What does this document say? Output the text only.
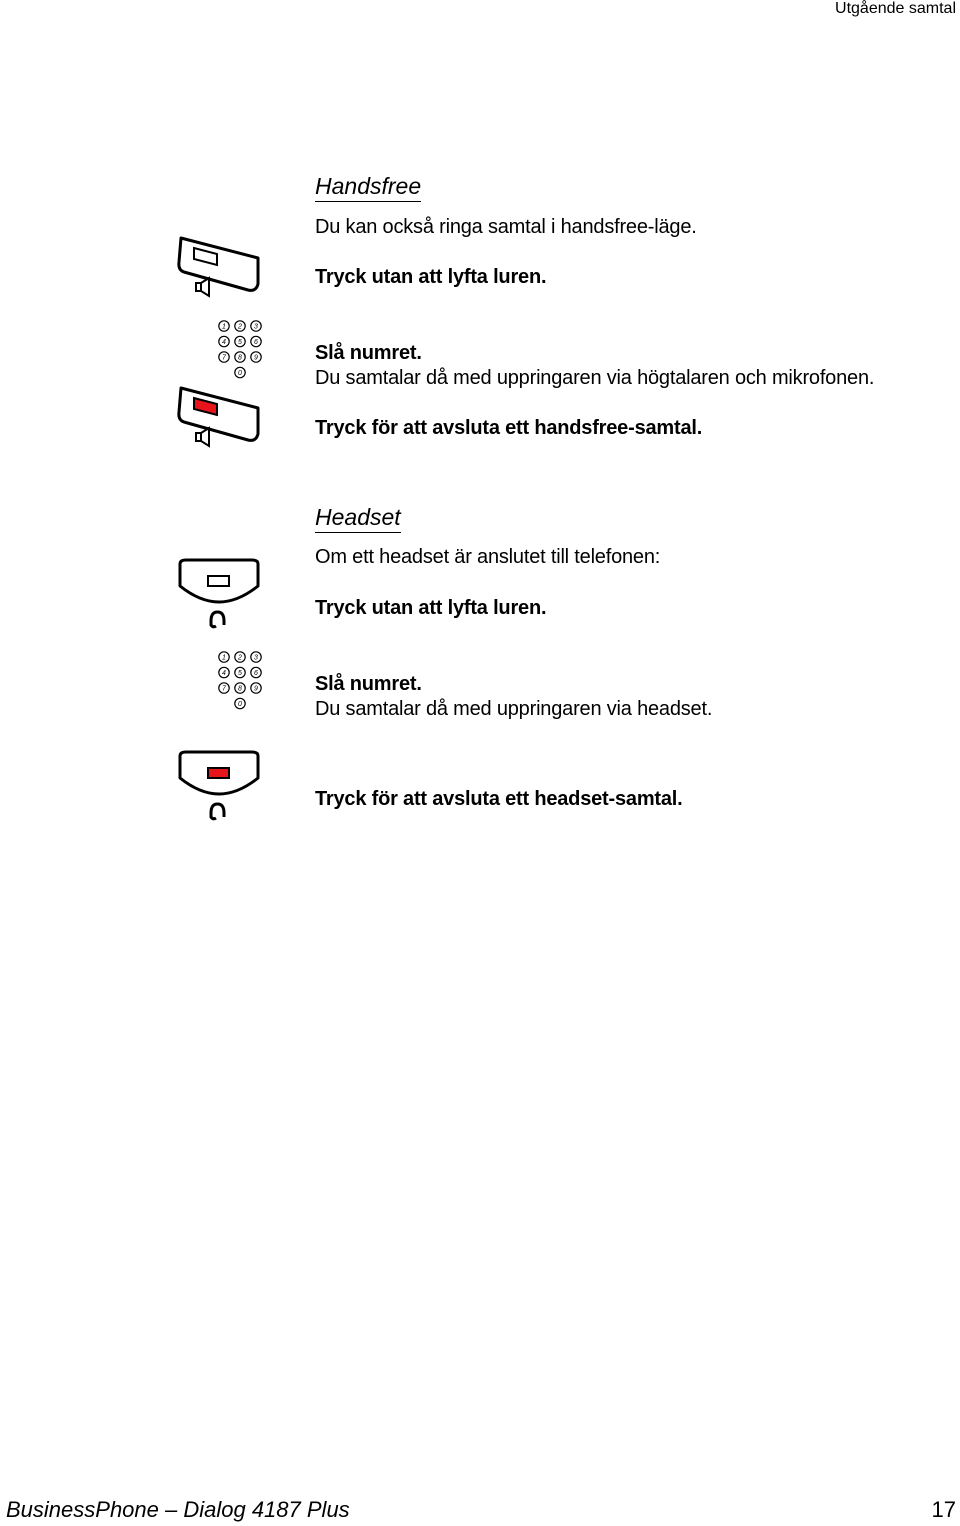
Utgående samtal
Handsfree
Du kan också ringa samtal i handsfree-läge.
Tryck utan att lyfta luren.
1 2 3
4 5 6
7 8 9
0
Slå numret.
Du samtalar då med uppringaren via högtalaren och mikrofonen.
Tryck för att avsluta ett handsfree-samtal.
Headset
Om ett headset är anslutet till telefonen:
Tryck utan att lyfta luren.
1 2 3
4 5 6
7 8 9
0
Slå numret.
Du samtalar då med uppringaren via headset.
Tryck för att avsluta ett headset-samtal.
BusinessPhone – Dialog 4187 Plus	17
